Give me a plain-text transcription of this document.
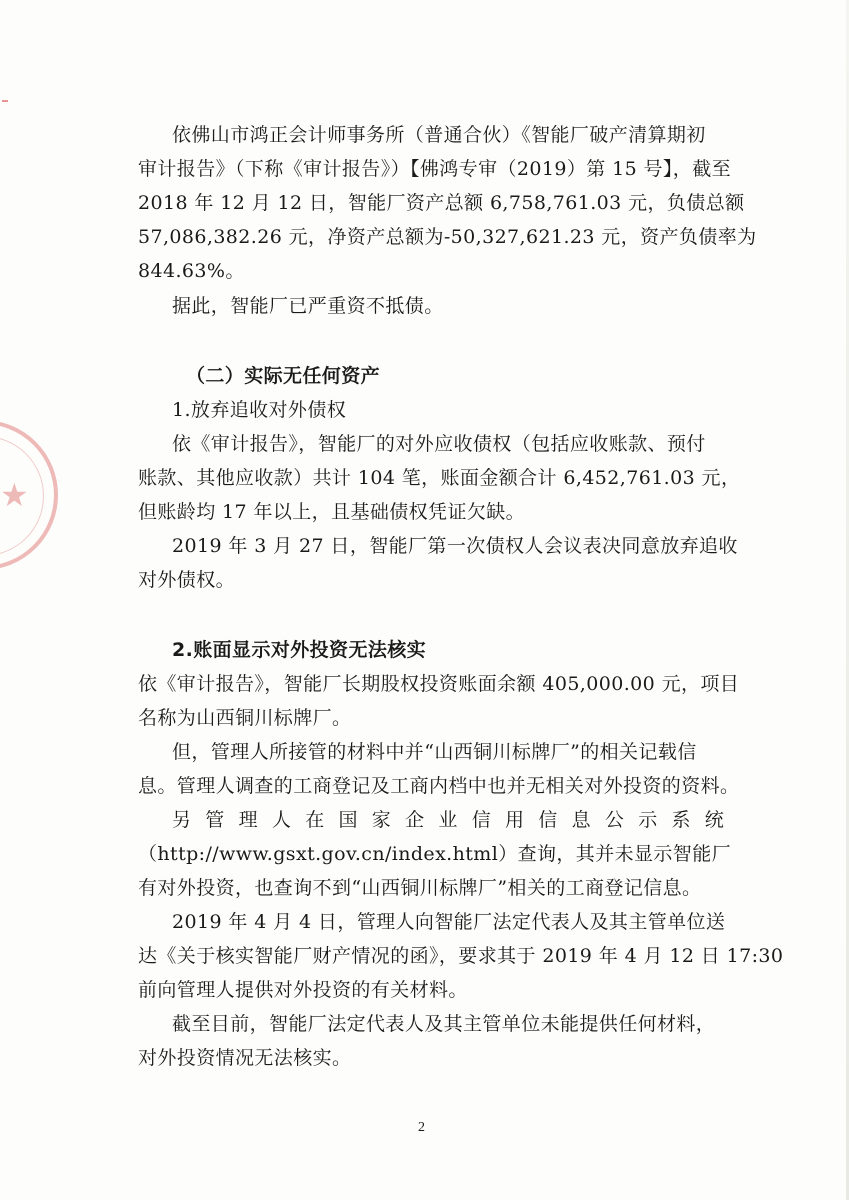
★
依佛山市鸿正会计师事务所（普通合伙）《智能厂破产清算期初
审计报告》（下称《审计报告》）【佛鸿专审（2019）第 15 号】，截至
2018 年 12 月 12 日，智能厂资产总额 6,758,761.03 元，负债总额
57,086,382.26 元，净资产总额为-50,327,621.23 元，资产负债率为
844.63%。
据此，智能厂已严重资不抵债。
（二）实际无任何资产
1.放弃追收对外债权
依《审计报告》，智能厂的对外应收债权（包括应收账款、预付
账款、其他应收款）共计 104 笔，账面金额合计 6,452,761.03 元，
但账龄均 17 年以上，且基础债权凭证欠缺。
2019 年 3 月 27 日，智能厂第一次债权人会议表决同意放弃追收
对外债权。
2.账面显示对外投资无法核实
依《审计报告》，智能厂长期股权投资账面余额 405,000.00 元，项目
名称为山西铜川标牌厂。
但，管理人所接管的材料中并“山西铜川标牌厂”的相关记载信
息。管理人调查的工商登记及工商内档中也并无相关对外投资的资料。
另管理人在国家企业信用信息公示系统
（http://www.gsxt.gov.cn/index.html）查询，其并未显示智能厂
有对外投资，也查询不到“山西铜川标牌厂”相关的工商登记信息。
2019 年 4 月 4 日，管理人向智能厂法定代表人及其主管单位送
达《关于核实智能厂财产情况的函》，要求其于 2019 年 4 月 12 日 17:30
前向管理人提供对外投资的有关材料。
截至目前，智能厂法定代表人及其主管单位未能提供任何材料，
对外投资情况无法核实。
2
